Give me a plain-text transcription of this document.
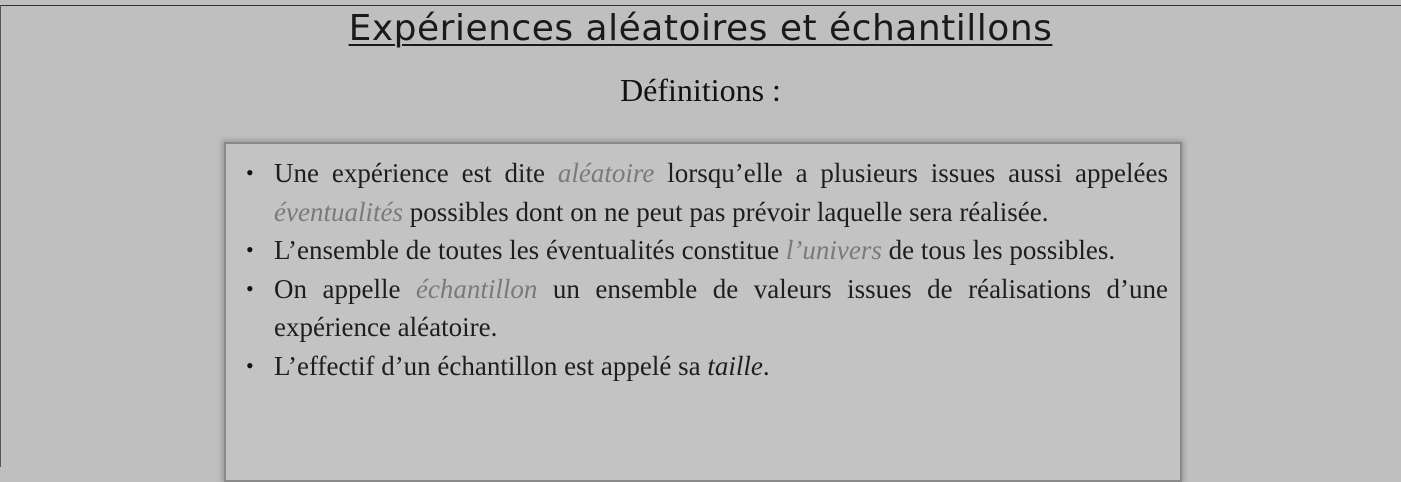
Expériences aléatoires et échantillons
Définitions :
• Une expérience est dite aléatoire lorsqu’elle a plusieurs issues aussi appelées éventualités possibles dont on ne peut pas prévoir laquelle sera réalisée.
• L’ensemble de toutes les éventualités constitue l’univers de tous les possibles.
• On appelle échantillon un ensemble de valeurs issues de réalisations d’une expérience aléatoire.
• L’effectif d’un échantillon est appelé sa taille.
